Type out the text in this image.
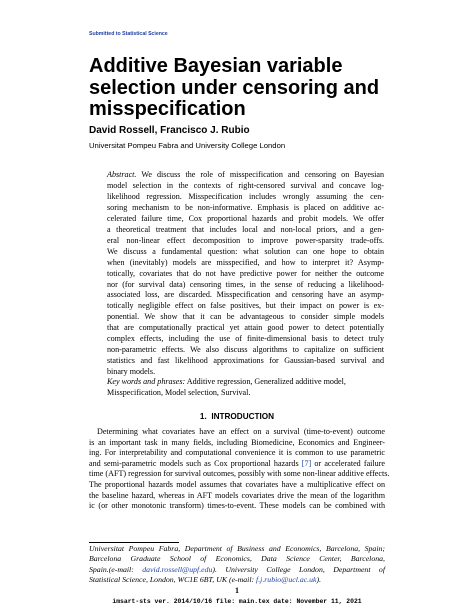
Submitted to Statistical Science
Additive Bayesian variable
selection under censoring and
misspecification
David Rossell, Francisco J. Rubio
Universitat Pompeu Fabra and University College London
Abstract. We discuss the role of misspecification and censoring on Bayesian
model selection in the contexts of right-censored survival and concave log-
likelihood regression. Misspecification includes wrongly assuming the cen-
soring mechanism to be non-informative. Emphasis is placed on additive ac-
celerated failure time, Cox proportional hazards and probit models. We offer
a theoretical treatment that includes local and non-local priors, and a gen-
eral non-linear effect decomposition to improve power-sparsity trade-offs.
We discuss a fundamental question: what solution can one hope to obtain
when (inevitably) models are misspecified, and how to interpret it? Asymp-
totically, covariates that do not have predictive power for neither the outcome
nor (for survival data) censoring times, in the sense of reducing a likelihood-
associated loss, are discarded. Misspecification and censoring have an asymp-
totically negligible effect on false positives, but their impact on power is ex-
ponential. We show that it can be advantageous to consider simple models
that are computationally practical yet attain good power to detect potentially
complex effects, including the use of finite-dimensional basis to detect truly
non-parametric effects. We also discuss algorithms to capitalize on sufficient
statistics and fast likelihood approximations for Gaussian-based survival and
binary models.
Key words and phrases: Additive regression, Generalized additive model,
Misspecification, Model selection, Survival.
1. INTRODUCTION
Determining what covariates have an effect on a survival (time-to-event) outcome
is an important task in many fields, including Biomedicine, Economics and Engineer-
ing. For interpretability and computational convenience it is common to use parametric
and semi-parametric models such as Cox proportional hazards [7] or accelerated failure
time (AFT) regression for survival outcomes, possibly with some non-linear additive effects.
The proportional hazards model assumes that covariates have a multiplicative effect on
the baseline hazard, whereas in AFT models covariates drive the mean of the logarithm
ic (or other monotonic transform) times-to-event. These models can be combined with
Universitat Pompeu Fabra, Department of Business and Economics, Barcelona, Spain;
Barcelona Graduate School of Economics, Data Science Center, Barcelona,
Spain.(e-mail: david.rossell@upf.edu). University College London, Department of
Statistical Science, London, WC1E 6BT, UK (e-mail: f.j.rubio@ucl.ac.uk).
1
imsart-sts ver. 2014/10/16 file: main.tex date: November 11, 2021
